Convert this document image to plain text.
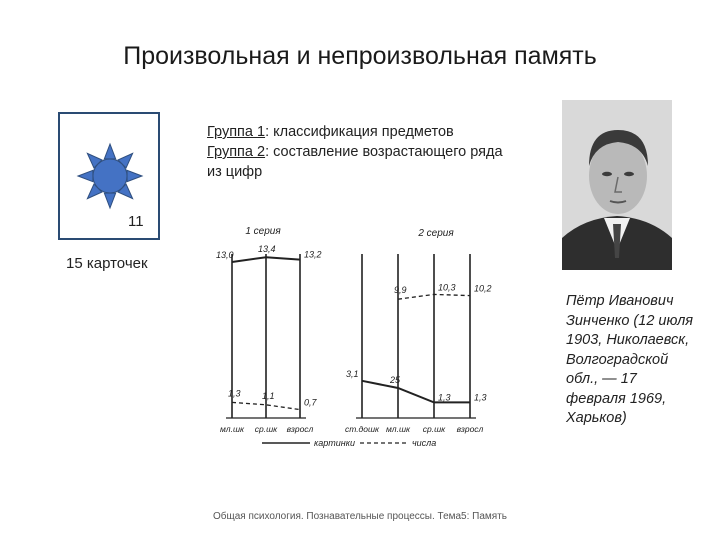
Произвольная и непроизвольная память
11
15 карточек
Группа 1: классификация предметов
Группа 2: составление возрастающего ряда из цифр
1 серия
мл.шк ср.шк взросл
13,0
13,4
13,2
1,3 1,1
0,7
2 серия
ст.дошк мл.шк ср.шк взросл
3,1
25
1,3	1,3
9,9	10,3 10,2
картинки	числа
Пётр Иванович Зинченко (12 июля 1903, Николаевск, Волгоградской обл., — 17 февраля 1969, Харьков)
Общая психология. Познавательные процессы. Тема5: Память
